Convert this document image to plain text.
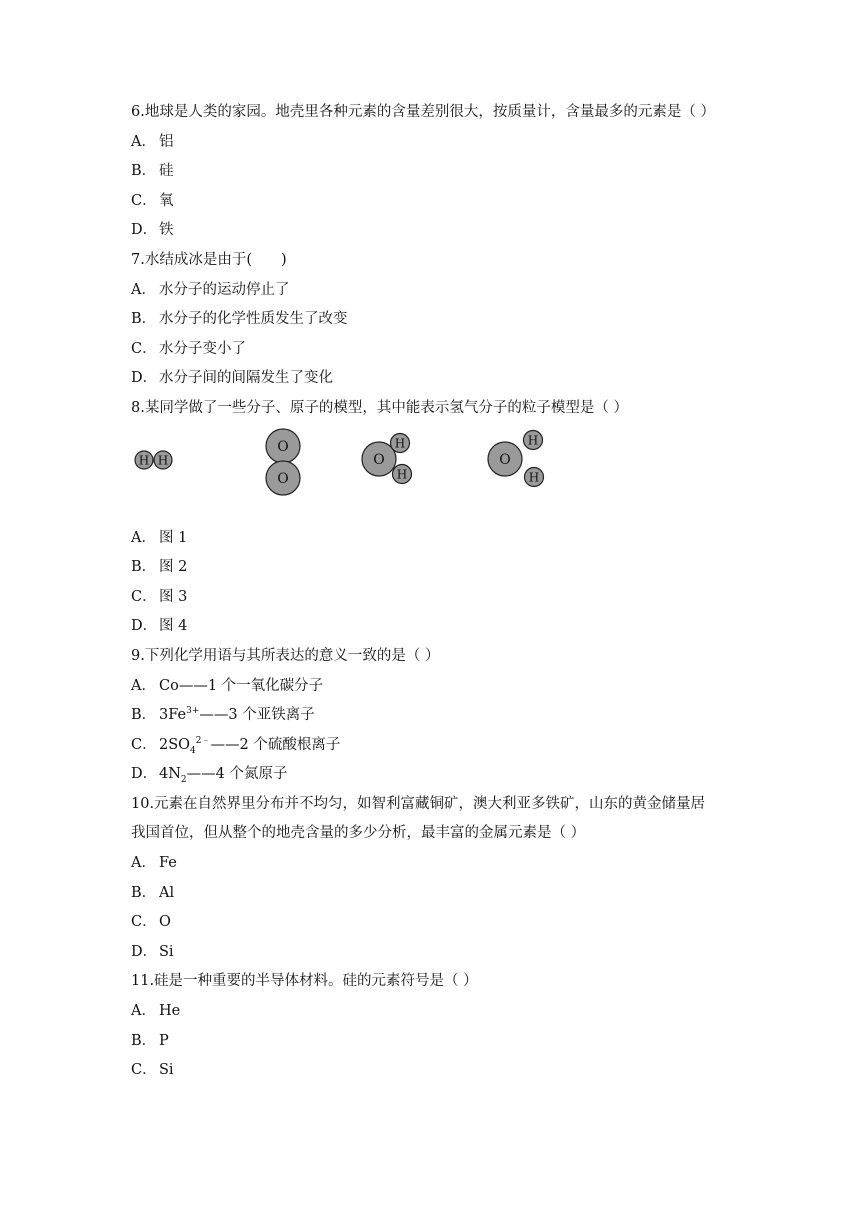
6.地球是人类的家园。地壳里各种元素的含量差别很大，按质量计，含量最多的元素是（ ）
A． 铝
B． 硅
C． 氧
D． 铁
7.水结成冰是由于(　　)
A． 水分子的运动停止了
B． 水分子的化学性质发生了改变
C． 水分子变小了
D． 水分子间的间隔发生了变化
8.某同学做了一些分子、原子的模型，其中能表示氢气分子的粒子模型是（ ）
H H
O
O
O
H
H
O
H
H
A． 图 1
B． 图 2
C． 图 3
D． 图 4
9.下列化学用语与其所表达的意义一致的是（ ）
A． Co——1 个一氧化碳分子
B． $3Fe^{3+}——3$ 个亚铁离子
C． $2SO_4^{2﹣}——2$ 个硫酸根离子
D． $4N_2——4$ 个氮原子
10.元素在自然界里分布并不均匀，如智利富藏铜矿，澳大利亚多铁矿，山东的黄金储量居
我国首位，但从整个的地壳含量的多少分析，最丰富的金属元素是（ ）
A． Fe
B． Al
C． O
D． Si
11.硅是一种重要的半导体材料。硅的元素符号是（ ）
A． He
B． P
C． Si
